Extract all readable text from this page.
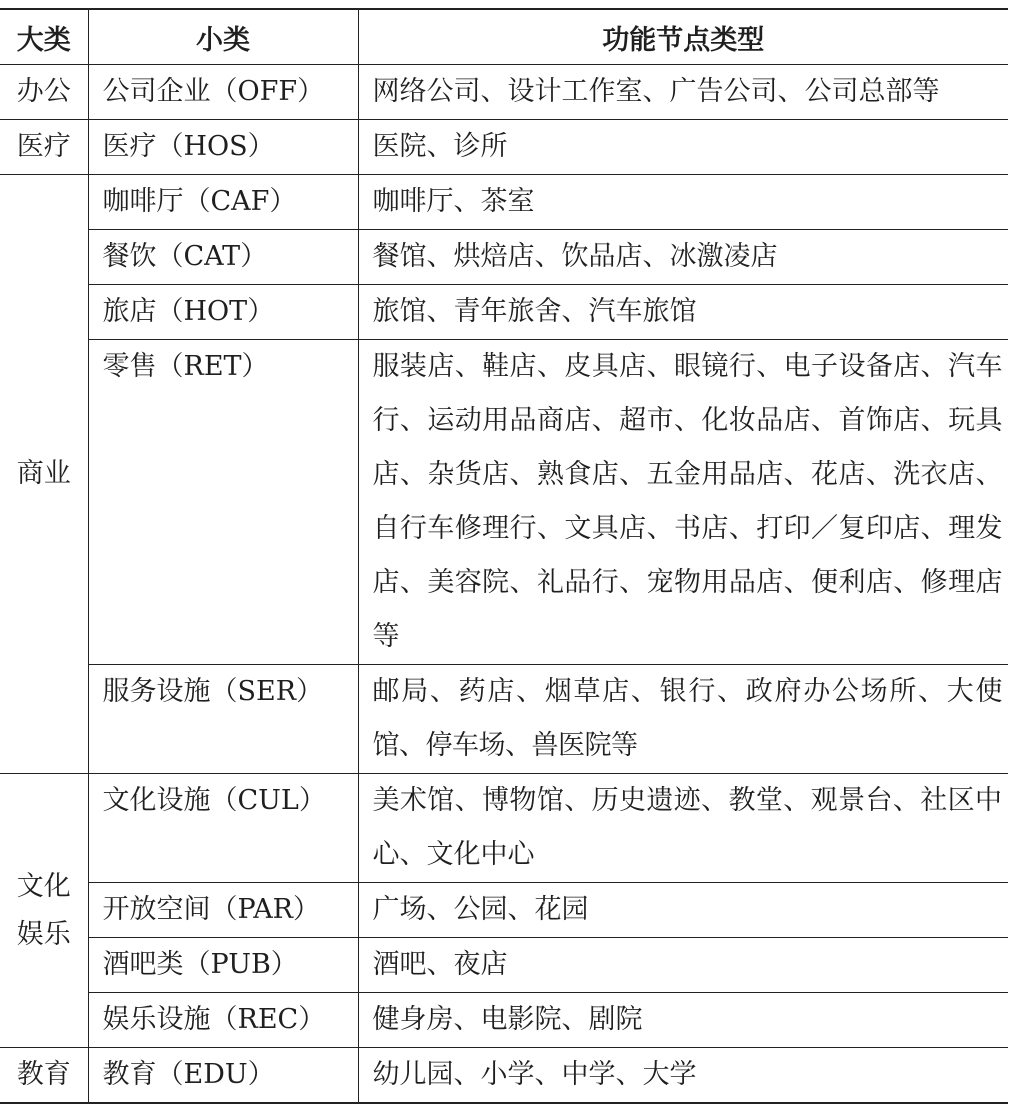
大类	小类	功能节点类型
办公	公司企业（OFF）	网络公司、设计工作室、广告公司、公司总部等
医疗	医疗（HOS）	医院、诊所
商业	咖啡厅（CAF）	咖啡厅、茶室
	餐饮（CAT）	餐馆、烘焙店、饮品店、冰激凌店
	旅店（HOT）	旅馆、青年旅舍、汽车旅馆
	零售（RET）	服装店、鞋店、皮具店、眼镜行、电子设备店、汽车行、运动用品商店、超市、化妆品店、首饰店、玩具店、杂货店、熟食店、五金用品店、花店、洗衣店、自行车修理行、文具店、书店、打印／复印店、理发店、美容院、礼品行、宠物用品店、便利店、修理店等
	服务设施（SER）	邮局、药店、烟草店、银行、政府办公场所、大使馆、停车场、兽医院等
文化娱乐	文化设施（CUL）	美术馆、博物馆、历史遗迹、教堂、观景台、社区中心、文化中心
	开放空间（PAR）	广场、公园、花园
	酒吧类（PUB）	酒吧、夜店
	娱乐设施（REC）	健身房、电影院、剧院
教育	教育（EDU）	幼儿园、小学、中学、大学
